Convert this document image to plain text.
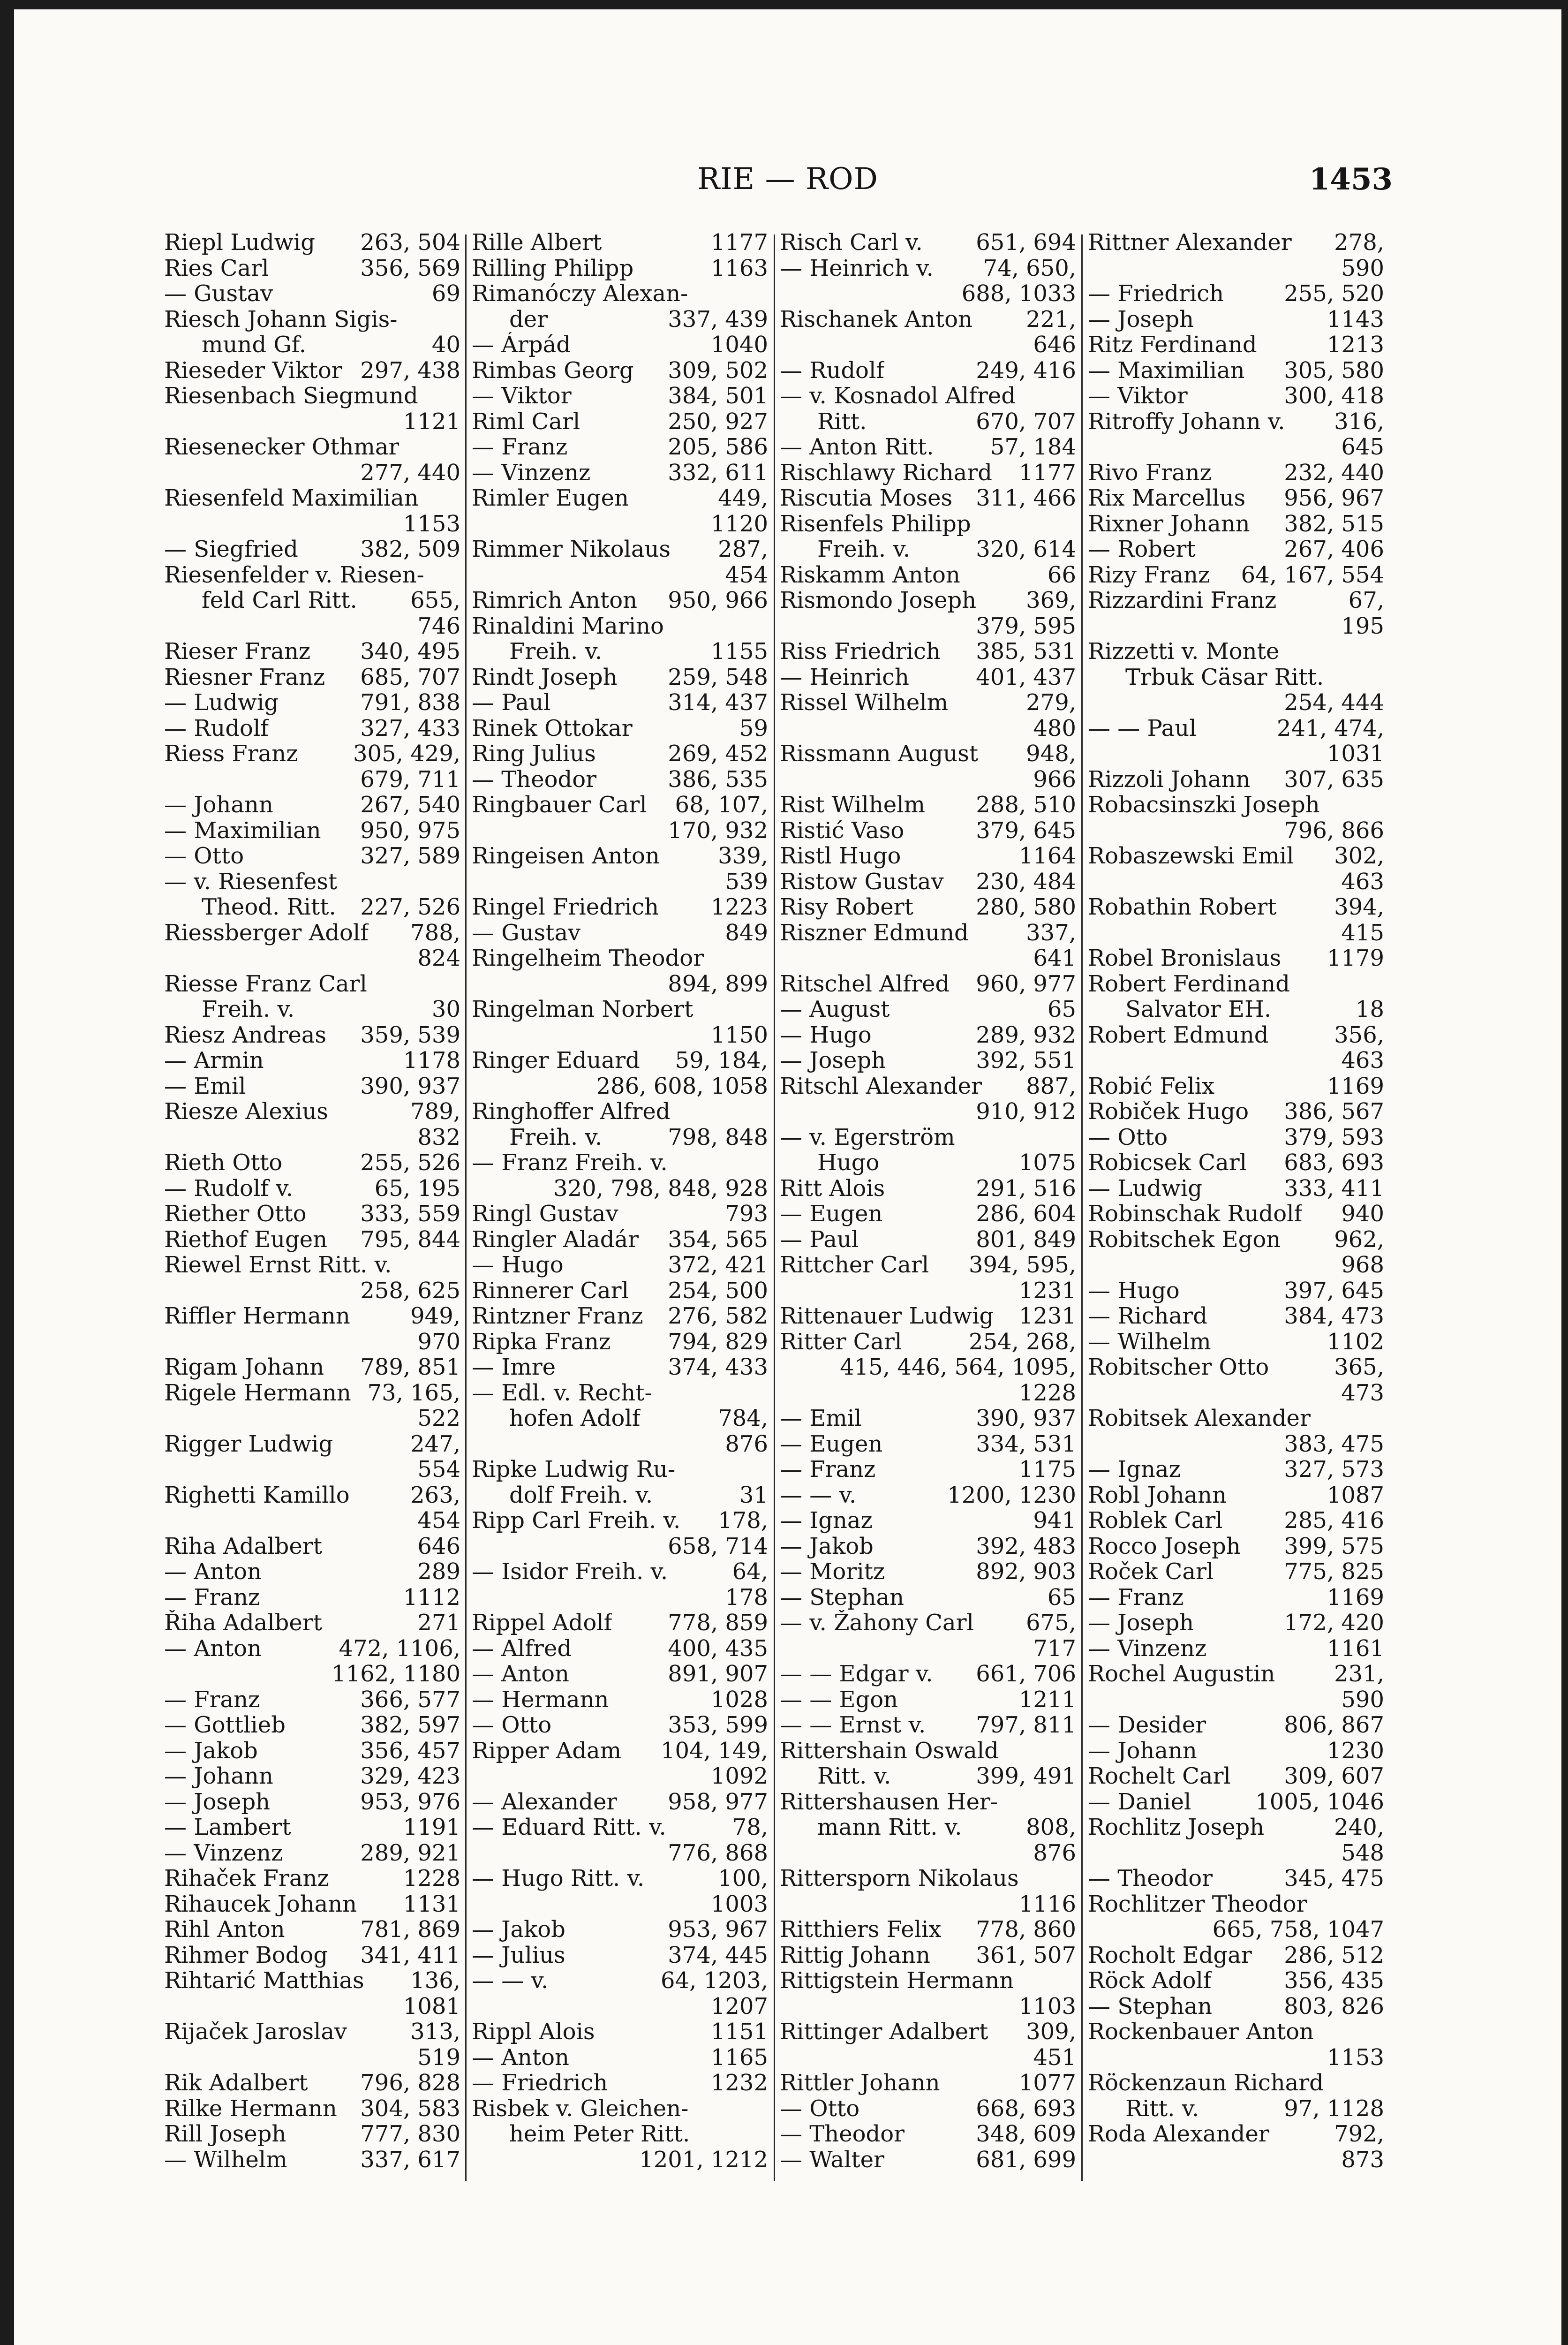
RIE — ROD	1453
Riepl Ludwig 263, 504
Ries Carl	356, 569
— Gustav	69
Riesch Johann Sigis-
mund Gf.	40
Rieseder Viktor 297, 438
Riesenbach Siegmund
1121
Riesenecker Othmar
277, 440
Riesenfeld Maximilian
1153
— Siegfried	382, 509
Riesenfelder v. Riesen-
feld Carl Ritt. 655,
746
Rieser Franz 340, 495
Riesner Franz 685, 707
— Ludwig	791, 838
— Rudolf	327, 433
Riess Franz 305, 429,
679, 711
— Johann	267, 540
— Maximilian 950, 975
— Otto	327, 589
— v. Riesenfest
Theod. Ritt. 227, 526
Riessberger Adolf 788,
824
Riesse Franz Carl
Freih. v.	30
Riesz Andreas 359, 539
— Armin	1178
— Emil	390, 937
Riesze Alexius	789,
832
Rieth Otto	255, 526
— Rudolf v.	65, 195
Riether Otto 333, 559
Riethof Eugen 795, 844
Riewel Ernst Ritt. v.
258, 625
Riffler Hermann	949,
970
Rigam Johann 789, 851
Rigele Hermann 73, 165,
522
Rigger Ludwig	247,
554
Righetti Kamillo	263,
454
Riha Adalbert	646
— Anton	289
— Franz	1112
Řiha Adalbert	271
— Anton	472, 1106,
1162, 1180
— Franz	366, 577
— Gottlieb	382, 597
— Jakob	356, 457
— Johann	329, 423
— Joseph	953, 976
— Lambert	1191
— Vinzenz	289, 921
Rihaček Franz	1228
Rihaucek Johann 1131
Rihl Anton	781, 869
Rihmer Bodog 341, 411
Rihtarić Matthias 136,
1081
Rijaček Jaroslav	313,
519
Rik Adalbert 796, 828
Rilke Hermann 304, 583
Rill Joseph	777, 830
— Wilhelm	337, 617
Rille Albert	1177
Rilling Philipp	1163
Rimanóczy Alexan-
der	337, 439
— Árpád	1040
Rimbas Georg 309, 502
— Viktor	384, 501
Riml Carl	250, 927
— Franz	205, 586
— Vinzenz	332, 611
Rimler Eugen	449,
1120
Rimmer Nikolaus 287,
454
Rimrich Anton 950, 966
Rinaldini Marino
Freih. v.	1155
Rindt Joseph 259, 548
— Paul	314, 437
Rinek Ottokar	59
Ring Julius	269, 452
— Theodor	386, 535
Ringbauer Carl 68, 107,
170, 932
Ringeisen Anton	339,
539
Ringel Friedrich 1223
— Gustav	849
Ringelheim Theodor
894, 899
Ringelman Norbert
1150
Ringer Eduard 59, 184,
286, 608, 1058
Ringhoffer Alfred
Freih. v.	798, 848
— Franz Freih. v.
320, 798, 848, 928
Ringl Gustav	793
Ringler Aladár 354, 565
— Hugo	372, 421
Rinnerer Carl 254, 500
Rintzner Franz 276, 582
Ripka Franz	794, 829
— Imre	374, 433
— Edl. v. Recht-
hofen Adolf	784,
876
Ripke Ludwig Ru-
dolf Freih. v.	31
Ripp Carl Freih. v. 178,
658, 714
— Isidor Freih. v.	64,
178
Rippel Adolf 778, 859
— Alfred	400, 435
— Anton	891, 907
— Hermann	1028
— Otto	353, 599
Ripper Adam 104, 149,
1092
— Alexander 958, 977
— Eduard Ritt. v.	78,
776, 868
— Hugo Ritt. v.	100,
1003
— Jakob	953, 967
— Julius	374, 445
— — v.	64, 1203,
1207
Rippl Alois	1151
— Anton	1165
— Friedrich	1232
Risbek v. Gleichen-
heim Peter Ritt.
1201, 1212
Risch Carl v. 651, 694
— Heinrich v. 74, 650,
688, 1033
Rischanek Anton 221,
646
— Rudolf	249, 416
— v. Kosnadol Alfred
Ritt.	670, 707
— Anton Ritt.	57, 184
Rischlawy Richard 1177
Riscutia Moses 311, 466
Risenfels Philipp
Freih. v.	320, 614
Riskamm Anton	66
Rismondo Joseph 369,
379, 595
Riss Friedrich 385, 531
— Heinrich	401, 437
Rissel Wilhelm	279,
480
Rissmann August 948,
966
Rist Wilhelm 288, 510
Ristić Vaso	379, 645
Ristl Hugo	1164
Ristow Gustav 230, 484
Risy Robert	280, 580
Riszner Edmund	337,
641
Ritschel Alfred 960, 977
— August	65
— Hugo	289, 932
— Joseph	392, 551
Ritschl Alexander 887,
910, 912
— v. Egerström
Hugo	1075
Ritt Alois	291, 516
— Eugen	286, 604
— Paul	801, 849
Rittcher Carl 394, 595,
1231
Rittenauer Ludwig 1231
Ritter Carl	254, 268,
415, 446, 564, 1095,
1228
— Emil	390, 937
— Eugen	334, 531
— Franz	1175
— — v.	1200, 1230
— Ignaz	941
— Jakob	392, 483
— Moritz	892, 903
— Stephan	65
— v. Žahony Carl 675,
717
— — Edgar v. 661, 706
— — Egon	1211
— — Ernst v. 797, 811
Rittershain Oswald
Ritt. v.	399, 491
Rittershausen Her-
mann Ritt. v.	808,
876
Rittersporn Nikolaus
1116
Ritthiers Felix 778, 860
Rittig Johann 361, 507
Rittigstein Hermann
1103
Rittinger Adalbert 309,
451
Rittler Johann	1077
— Otto	668, 693
— Theodor	348, 609
— Walter	681, 699
Rittner Alexander 278,
590
— Friedrich	255, 520
— Joseph	1143
Ritz Ferdinand	1213
— Maximilian 305, 580
— Viktor	300, 418
Ritroffy Johann v. 316,
645
Rivo Franz	232, 440
Rix Marcellus 956, 967
Rixner Johann 382, 515
— Robert	267, 406
Rizy Franz 64, 167, 554
Rizzardini Franz	67,
195
Rizzetti v. Monte
Trbuk Cäsar Ritt.
254, 444
— — Paul	241, 474,
1031
Rizzoli Johann 307, 635
Robacsinszki Joseph
796, 866
Robaszewski Emil 302,
463
Robathin Robert	394,
415
Robel Bronislaus 1179
Robert Ferdinand
Salvator EH.	18
Robert Edmund	356,
463
Robić Felix	1169
Robiček Hugo 386, 567
— Otto	379, 593
Robicsek Carl 683, 693
— Ludwig	333, 411
Robinschak Rudolf 940
Robitschek Egon 962,
968
— Hugo	397, 645
— Richard	384, 473
— Wilhelm	1102
Robitscher Otto	365,
473
Robitsek Alexander
383, 475
— Ignaz	327, 573
Robl Johann	1087
Roblek Carl	285, 416
Rocco Joseph 399, 575
Roček Carl	775, 825
— Franz	1169
— Joseph	172, 420
— Vinzenz	1161
Rochel Augustin	231,
590
— Desider	806, 867
— Johann	1230
Rochelt Carl 309, 607
— Daniel	1005, 1046
Rochlitz Joseph	240,
548
— Theodor	345, 475
Rochlitzer Theodor
665, 758, 1047
Rocholt Edgar 286, 512
Röck Adolf	356, 435
— Stephan	803, 826
Rockenbauer Anton
1153
Röckenzaun Richard
Ritt. v.	97, 1128
Roda Alexander	792,
873
